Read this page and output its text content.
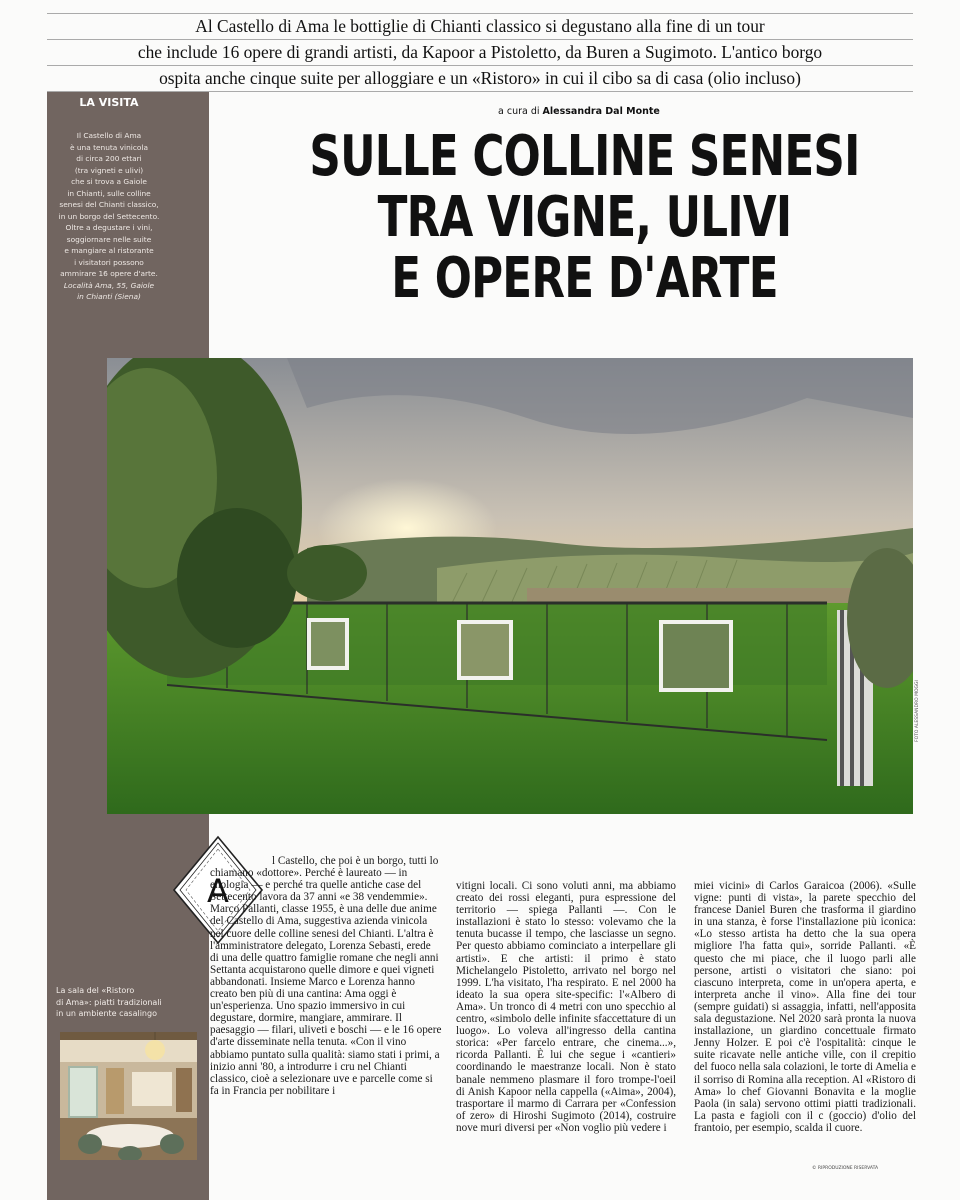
Al Castello di Ama le bottiglie di Chianti classico si degustano alla fine di un tour
che include 16 opere di grandi artisti, da Kapoor a Pistoletto, da Buren a Sugimoto. L'antico borgo
ospita anche cinque suite per alloggiare e un «Ristoro» in cui il cibo sa di casa (olio incluso)
LA VISITA
Il Castello di Ama
è una tenuta vinicola
di circa 200 ettari
(tra vigneti e ulivi)
che si trova a Gaiole
in Chianti, sulle colline
senesi del Chianti classico,
in un borgo del Settecento.
Oltre a degustare i vini,
soggiornare nelle suite
e mangiare al ristorante
i visitatori possono
ammirare 16 opere d'arte.
Località Ama, 55, Gaiole
in Chianti (Siena)
La sala del «Ristoro
di Ama»: piatti tradizionali
in un ambiente casalingo
a cura di Alessandra Dal Monte
SULLE COLLINE SENESI
TRA VIGNE, ULIVI
E OPERE D'ARTE
FOTO ALESSANDRO MOGGI
A

l Castello, che poi è un borgo, tutti lo chiamano «dottore». Perché è laureato — in enologia — e perché tra quelle antiche case del Settecento lavora da 37 anni «e 38 vendemmie». Marco Pallanti, classe 1955, è una delle due anime del Castello di Ama, suggestiva azienda vinicola nel cuore delle colline senesi del Chianti. L'altra è l'amministratore delegato, Lorenza Sebasti, erede di una delle quattro famiglie romane che negli anni Settanta acquistarono quelle dimore e quei vigneti abbandonati. Insieme Marco e Lorenza hanno creato ben più di una cantina: Ama oggi è un'esperienza. Uno spazio immersivo in cui degustare, dormire, mangiare, ammirare. Il paesaggio — filari, uliveti e boschi — e le 16 opere d'arte disseminate nella tenuta. «Con il vino abbiamo puntato sulla qualità: siamo stati i primi, a inizio anni '80, a introdurre i cru nel Chianti classico, cioè a selezionare uve e parcelle come si fa in Francia per nobilitare i

vitigni locali. Ci sono voluti anni, ma abbiamo creato dei rossi eleganti, pura espressione del territorio — spiega Pallanti —. Con le installazioni è stato lo stesso: volevamo che la tenuta bucasse il tempo, che lasciasse un segno. Per questo abbiamo cominciato a interpellare gli artisti». E che artisti: il primo è stato Michelangelo Pistoletto, arrivato nel borgo nel 1999. L'ha visitato, l'ha respirato. E nel 2000 ha ideato la sua opera site-specific: l'«Albero di Ama». Un tronco di 4 metri con uno specchio al centro, «simbolo delle infinite sfaccettature di un luogo». Lo voleva all'ingresso della cantina storica: «Per farcelo entrare, che cinema...», ricorda Pallanti. È lui che segue i «cantieri» coordinando le maestranze locali. Non è stato banale nemmeno plasmare il foro trompe-l'oeil di Anish Kapoor nella cappella («Aima», 2004), trasportare il marmo di Carrara per «Confession of zero» di Hiroshi Sugimoto (2014), costruire nove muri diversi per «Non voglio più vedere i

miei vicini» di Carlos Garaicoa (2006). «Sulle vigne: punti di vista», la parete specchio del francese Daniel Buren che trasforma il giardino in una stanza, è forse l'installazione più iconica: «Lo stesso artista ha detto che la sua opera migliore l'ha fatta qui», sorride Pallanti. «È questo che mi piace, che il luogo parli alle persone, artisti o visitatori che siano: poi ciascuno interpreta, come in un'opera aperta, e interpreta anche il vino». Alla fine dei tour (sempre guidati) si assaggia, infatti, nell'apposita sala degustazione. Nel 2020 sarà pronta la nuova installazione, un giardino concettuale firmato Jenny Holzer. E poi c'è l'ospitalità: cinque le suite ricavate nelle antiche ville, con il crepitio del fuoco nella sala colazioni, le torte di Amelia e il sorriso di Romina alla reception. Al «Ristoro di Ama» lo chef Giovanni Bonavita e la moglie Paola (in sala) servono ottimi piatti tradizionali. La pasta e fagioli con il c (goccio) d'olio del frantoio, per esempio, scalda il cuore.

© RIPRODUZIONE RISERVATA
